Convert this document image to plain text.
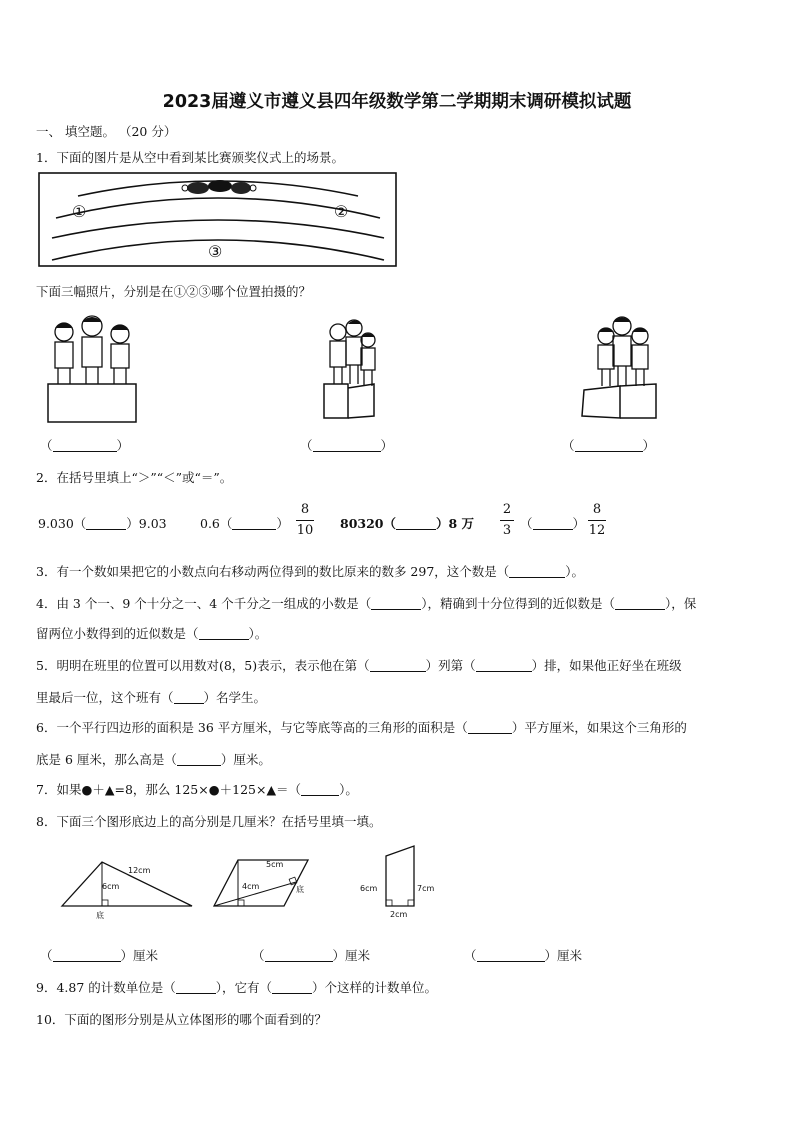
2023届遵义市遵义县四年级数学第二学期期末调研模拟试题
一、 填空题。 （20 分）
1．下面的图片是从空中看到某比赛颁奖仪式上的场景。
①	②
③
下面三幅照片，分别是在①②③哪个位置拍摄的？
（	）	（	）	（	）
2．在括号里填上“＞”“＜”或“＝”。
9.030（	）9.03	0.6（	）
8
10 80320（	）8 万
2
3 （	）
8
12
3．有一个数如果把它的小数点向右移动两位得到的数比原来的数多 297，这个数是（	）。
4．由 3 个一、9 个十分之一、4 个千分之一组成的小数是（	），精确到十分位得到的近似数是（	），保
留两位小数得到的近似数是（	）。
5．明明在班里的位置可以用数对(8，5)表示，表示他在第（	）列第（	）排，如果他正好坐在班级
里最后一位，这个班有（ ）名学生。
6．一个平行四边形的面积是 36 平方厘米，与它等底等高的三角形的面积是（	）平方厘米，如果这个三角形的
底是 6 厘米，那么高是（	）厘米。
7．如果●＋▲=8，那么 125×●＋125×▲＝（	）。
8．下面三个图形底边上的高分别是几厘米？在括号里填一填。
12cm
6cm
底
5cm
4cm	底	6cm	7cm
2cm
（	）厘米	（	）厘米	（	）厘米
9．4.87 的计数单位是（	），它有（	）个这样的计数单位。
10．下面的图形分别是从立体图形的哪个面看到的？
